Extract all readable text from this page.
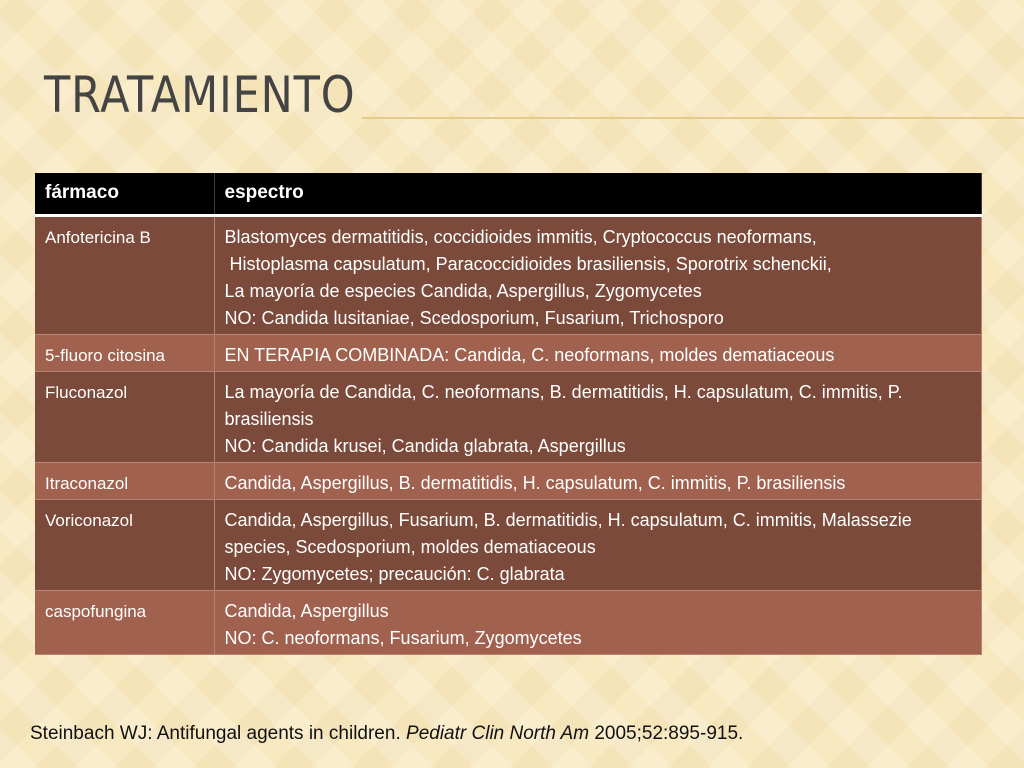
TRATAMIENTO
fármaco	espectro
Anfotericina B	Blastomyces dermatitidis, coccidioides immitis, Cryptococcus neoformans,
Histoplasma capsulatum, Paracoccidioides brasiliensis, Sporotrix schenckii,
La mayoría de especies Candida, Aspergillus, Zygomycetes
NO: Candida lusitaniae, Scedosporium, Fusarium, Trichosporo

5-fluoro citosina	EN TERAPIA COMBINADA: Candida, C. neoformans, moldes dematiaceous

Fluconazol	La mayoría de Candida, C. neoformans, B. dermatitidis, H. capsulatum, C. immitis, P. brasiliensis
NO: Candida krusei, Candida glabrata, Aspergillus

Itraconazol	Candida, Aspergillus, B. dermatitidis, H. capsulatum, C. immitis, P. brasiliensis

Voriconazol	Candida, Aspergillus, Fusarium, B. dermatitidis, H. capsulatum, C. immitis, Malassezie species, Scedosporium, moldes dematiaceous
NO: Zygomycetes; precaución: C. glabrata

caspofungina	Candida, Aspergillus
NO: C. neoformans, Fusarium, Zygomycetes
Steinbach WJ: Antifungal agents in children. Pediatr Clin North Am 2005;52:895-915.
